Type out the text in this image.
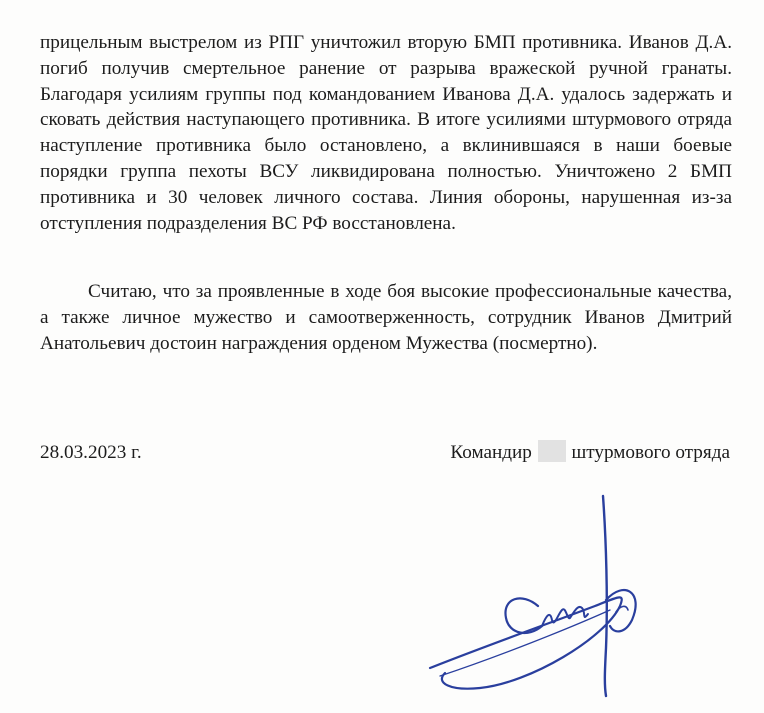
прицельным выстрелом из РПГ уничтожил вторую БМП противника. Иванов Д.А. погиб получив смертельное ранение от разрыва вражеской ручной гранаты. Благодаря усилиям группы под командованием Иванова Д.А. удалось задержать и сковать действия наступающего противника. В итоге усилиями штурмового отряда наступление противника было остановлено, а вклинившаяся в наши боевые порядки группа пехоты ВСУ ликвидирована полностью. Уничтожено 2 БМП противника и 30 человек личного состава. Линия обороны, нарушенная из-за отступления подразделения ВС РФ восстановлена.

Считаю, что за проявленные в ходе боя высокие профессиональные качества, а также личное мужество и самоотверженность, сотрудник Иванов Дмитрий Анатольевич достоин награждения орденом Мужества (посмертно).

28.03.2023 г.	Командир штурмового отряда
